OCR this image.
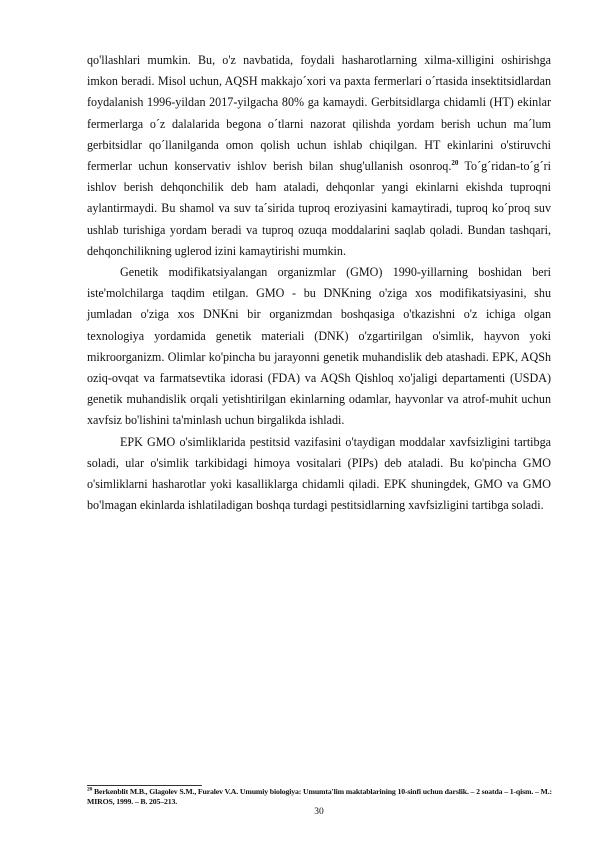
qo'llashlari mumkin. Bu, o'z navbatida, foydali hasharotlarning xilma-xilligini oshirishga imkon beradi. Misol uchun, AQSH makkajo´xori va paxta fermerlari o´rtasida insektitsidlardan foydalanish 1996-yildan 2017-yilgacha 80% ga kamaydi. Gerbitsidlarga chidamli (HT) ekinlar fermerlarga o´z dalalarida begona o´tlarni nazorat qilishda yordam berish uchun ma´lum gerbitsidlar qo´llanilganda omon qolish uchun ishlab chiqilgan. HT ekinlarini o'stiruvchi fermerlar uchun konservativ ishlov berish bilan shug'ullanish osonroq.$^{20}$ To´g´ridan-to´g´ri ishlov berish dehqonchilik deb ham ataladi, dehqonlar yangi ekinlarni ekishda tuproqni aylantirmaydi. Bu shamol va suv ta´sirida tuproq eroziyasini kamaytiradi, tuproq ko´proq suv ushlab turishiga yordam beradi va tuproq ozuqa moddalarini saqlab qoladi. Bundan tashqari, dehqonchilikning uglerod izini kamaytirishi mumkin.

Genetik modifikatsiyalangan organizmlar (GMO) 1990-yillarning boshidan beri iste'molchilarga taqdim etilgan. GMO - bu DNKning o'ziga xos modifikatsiyasini, shu jumladan o'ziga xos DNKni bir organizmdan boshqasiga o'tkazishni o'z ichiga olgan texnologiya yordamida genetik materiali (DNK) o'zgartirilgan o'simlik, hayvon yoki mikroorganizm. Olimlar ko'pincha bu jarayonni genetik muhandislik deb atashadi. EPK, AQSh oziq-ovqat va farmatsevtika idorasi (FDA) va AQSh Qishloq xo'jaligi departamenti (USDA) genetik muhandislik orqali yetishtirilgan ekinlarning odamlar, hayvonlar va atrof-muhit uchun xavfsiz bo'lishini ta'minlash uchun birgalikda ishladi.

EPK GMO o'simliklarida pestitsid vazifasini o'taydigan moddalar xavfsizligini tartibga soladi, ular o'simlik tarkibidagi himoya vositalari (PIPs) deb ataladi. Bu ko'pincha GMO o'simliklarni hasharotlar yoki kasalliklarga chidamli qiladi. EPK shuningdek, GMO va GMO bo'lmagan ekinlarda ishlatiladigan boshqa turdagi pestitsidlarning xavfsizligini tartibga soladi.

$^{20}$ Berkenblit M.B., Glagolev S.M., Furalev V.A. Umumiy biologiya: Umumta'lim maktablarining 10-sinfi uchun darslik. – 2 soatda – 1-qism. – M.: MIROS, 1999. – B. 205–213.
30
